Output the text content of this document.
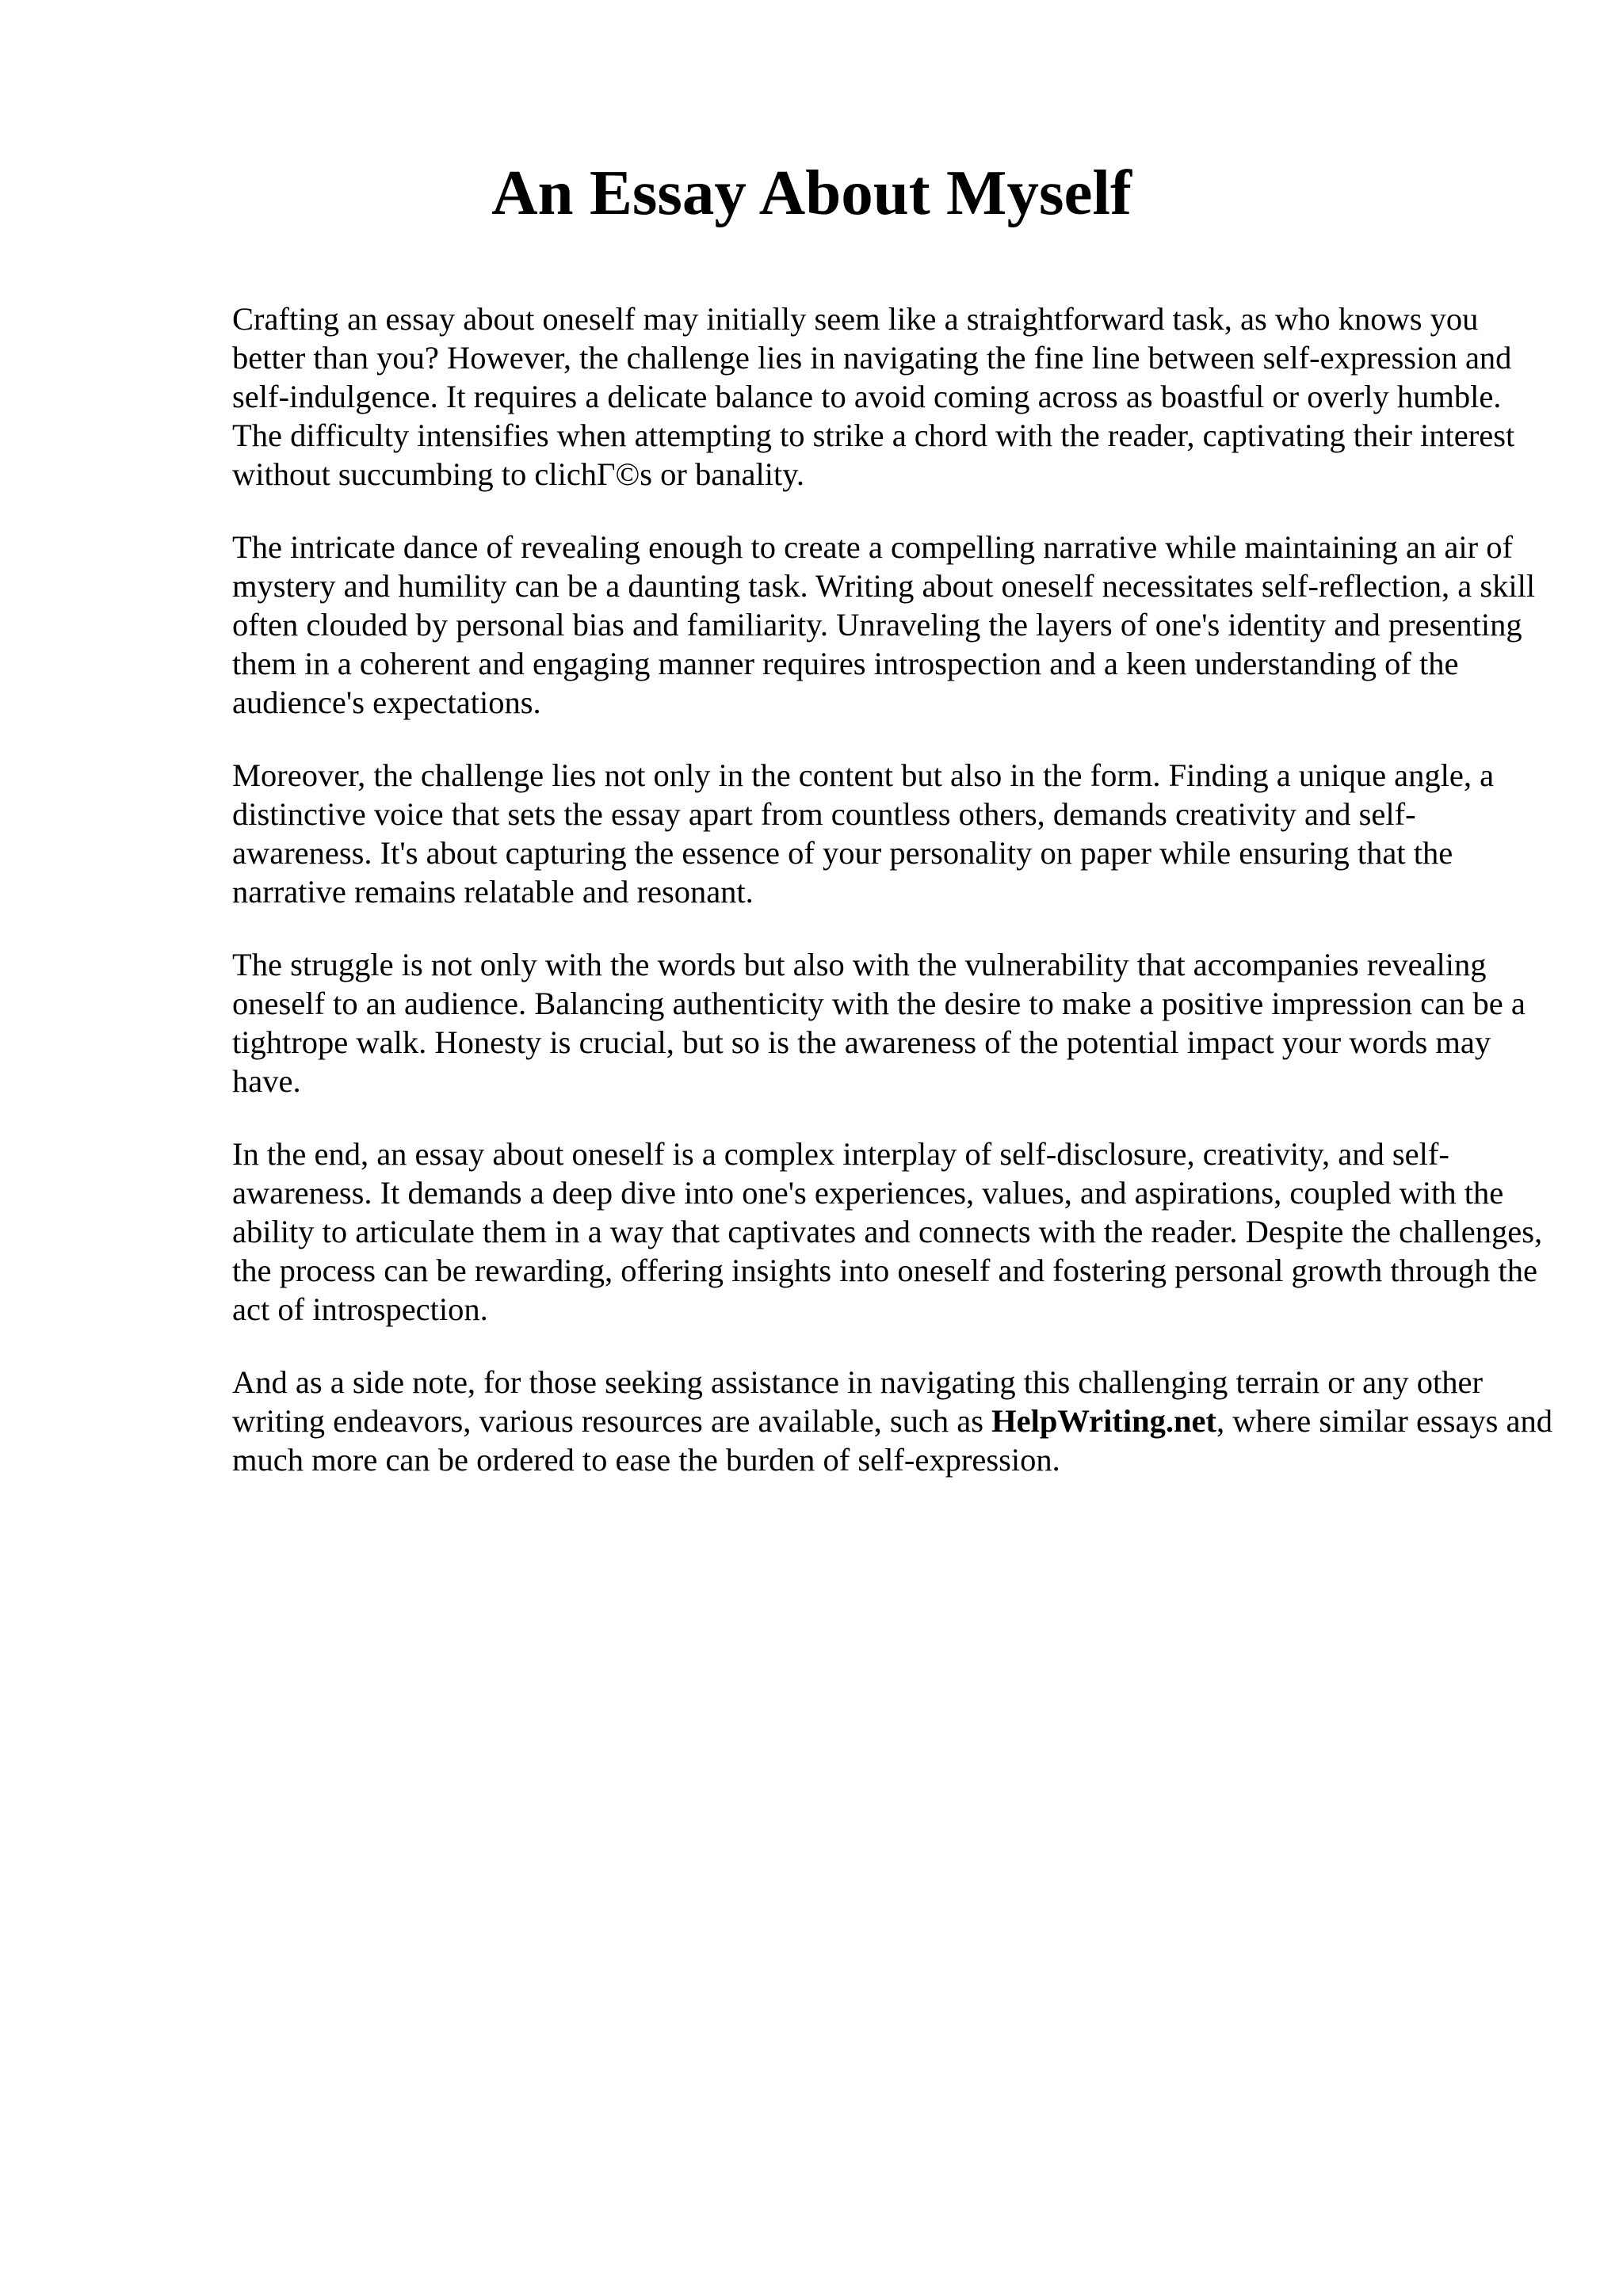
An Essay About Myself

Crafting an essay about oneself may initially seem like a straightforward task, as who knows you better than you? However, the challenge lies in navigating the fine line between self-expression and self-indulgence. It requires a delicate balance to avoid coming across as boastful or overly humble. The difficulty intensifies when attempting to strike a chord with the reader, captivating their interest without succumbing to clichΓ©s or banality.

The intricate dance of revealing enough to create a compelling narrative while maintaining an air of mystery and humility can be a daunting task. Writing about oneself necessitates self-reflection, a skill often clouded by personal bias and familiarity. Unraveling the layers of one's identity and presenting them in a coherent and engaging manner requires introspection and a keen understanding of the audience's expectations.

Moreover, the challenge lies not only in the content but also in the form. Finding a unique angle, a distinctive voice that sets the essay apart from countless others, demands creativity and self-awareness. It's about capturing the essence of your personality on paper while ensuring that the narrative remains relatable and resonant.

The struggle is not only with the words but also with the vulnerability that accompanies revealing oneself to an audience. Balancing authenticity with the desire to make a positive impression can be a tightrope walk. Honesty is crucial, but so is the awareness of the potential impact your words may have.

In the end, an essay about oneself is a complex interplay of self-disclosure, creativity, and self-awareness. It demands a deep dive into one's experiences, values, and aspirations, coupled with the ability to articulate them in a way that captivates and connects with the reader. Despite the challenges, the process can be rewarding, offering insights into oneself and fostering personal growth through the act of introspection.

And as a side note, for those seeking assistance in navigating this challenging terrain or any other writing endeavors, various resources are available, such as HelpWriting.net, where similar essays and much more can be ordered to ease the burden of self-expression.
